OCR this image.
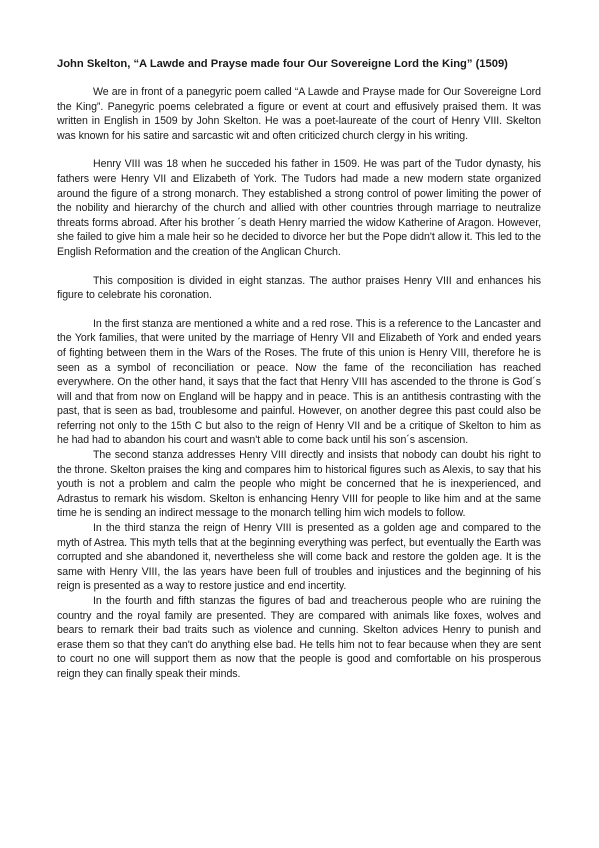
John Skelton, “A Lawde and Prayse made four Our Sovereigne Lord the King” (1509)

We are in front of a panegyric poem called “A Lawde and Prayse made for Our Sovereigne Lord the King”. Panegyric poems celebrated a figure or event at court and effusively praised them. It was written in English in 1509 by John Skelton. He was a poet-laureate of the court of Henry VIII. Skelton was known for his satire and sarcastic wit and often criticized church clergy in his writing.

Henry VIII was 18 when he succeded his father in 1509. He was part of the Tudor dynasty, his fathers were Henry VII and Elizabeth of York. The Tudors had made a new modern state organized around the figure of a strong monarch. They established a strong control of power limiting the power of the nobility and hierarchy of the church and allied with other countries through marriage to neutralize threats forms abroad. After his brother ´s death Henry married the widow Katherine of Aragon. However, she failed to give him a male heir so he decided to divorce her but the Pope didn't allow it. This led to the English Reformation and the creation of the Anglican Church.

This composition is divided in eight stanzas. The author praises Henry VIII and enhances his figure to celebrate his coronation.

In the first stanza are mentioned a white and a red rose. This is a reference to the Lancaster and the York families, that were united by the marriage of Henry VII and Elizabeth of York and ended years of fighting between them in the Wars of the Roses. The frute of this union is Henry VIII, therefore he is seen as a symbol of reconciliation or peace. Now the fame of the reconciliation has reached everywhere. On the other hand, it says that the fact that Henry VIII has ascended to the throne is God´s will and that from now on England will be happy and in peace. This is an antithesis contrasting with the past, that is seen as bad, troublesome and painful. However, on another degree this past could also be referring not only to the 15th C but also to the reign of Henry VII and be a critique of Skelton to him as he had had to abandon his court and wasn't able to come back until his son´s ascension.

The second stanza addresses Henry VIII directly and insists that nobody can doubt his right to the throne. Skelton praises the king and compares him to historical figures such as Alexis, to say that his youth is not a problem and calm the people who might be concerned that he is inexperienced, and Adrastus to remark his wisdom. Skelton is enhancing Henry VIII for people to like him and at the same time he is sending an indirect message to the monarch telling him wich models to follow.

In the third stanza the reign of Henry VIII is presented as a golden age and compared to the myth of Astrea. This myth tells that at the beginning everything was perfect, but eventually the Earth was corrupted and she abandoned it, nevertheless she will come back and restore the golden age. It is the same with Henry VIII, the las years have been full of troubles and injustices and the beginning of his reign is presented as a way to restore justice and end incertity.

In the fourth and fifth stanzas the figures of bad and treacherous people who are ruining the country and the royal family are presented. They are compared with animals like foxes, wolves and bears to remark their bad traits such as violence and cunning. Skelton advices Henry to punish and erase them so that they can't do anything else bad. He tells him not to fear because when they are sent to court no one will support them as now that the people is good and comfortable on his prosperous reign they can finally speak their minds.
